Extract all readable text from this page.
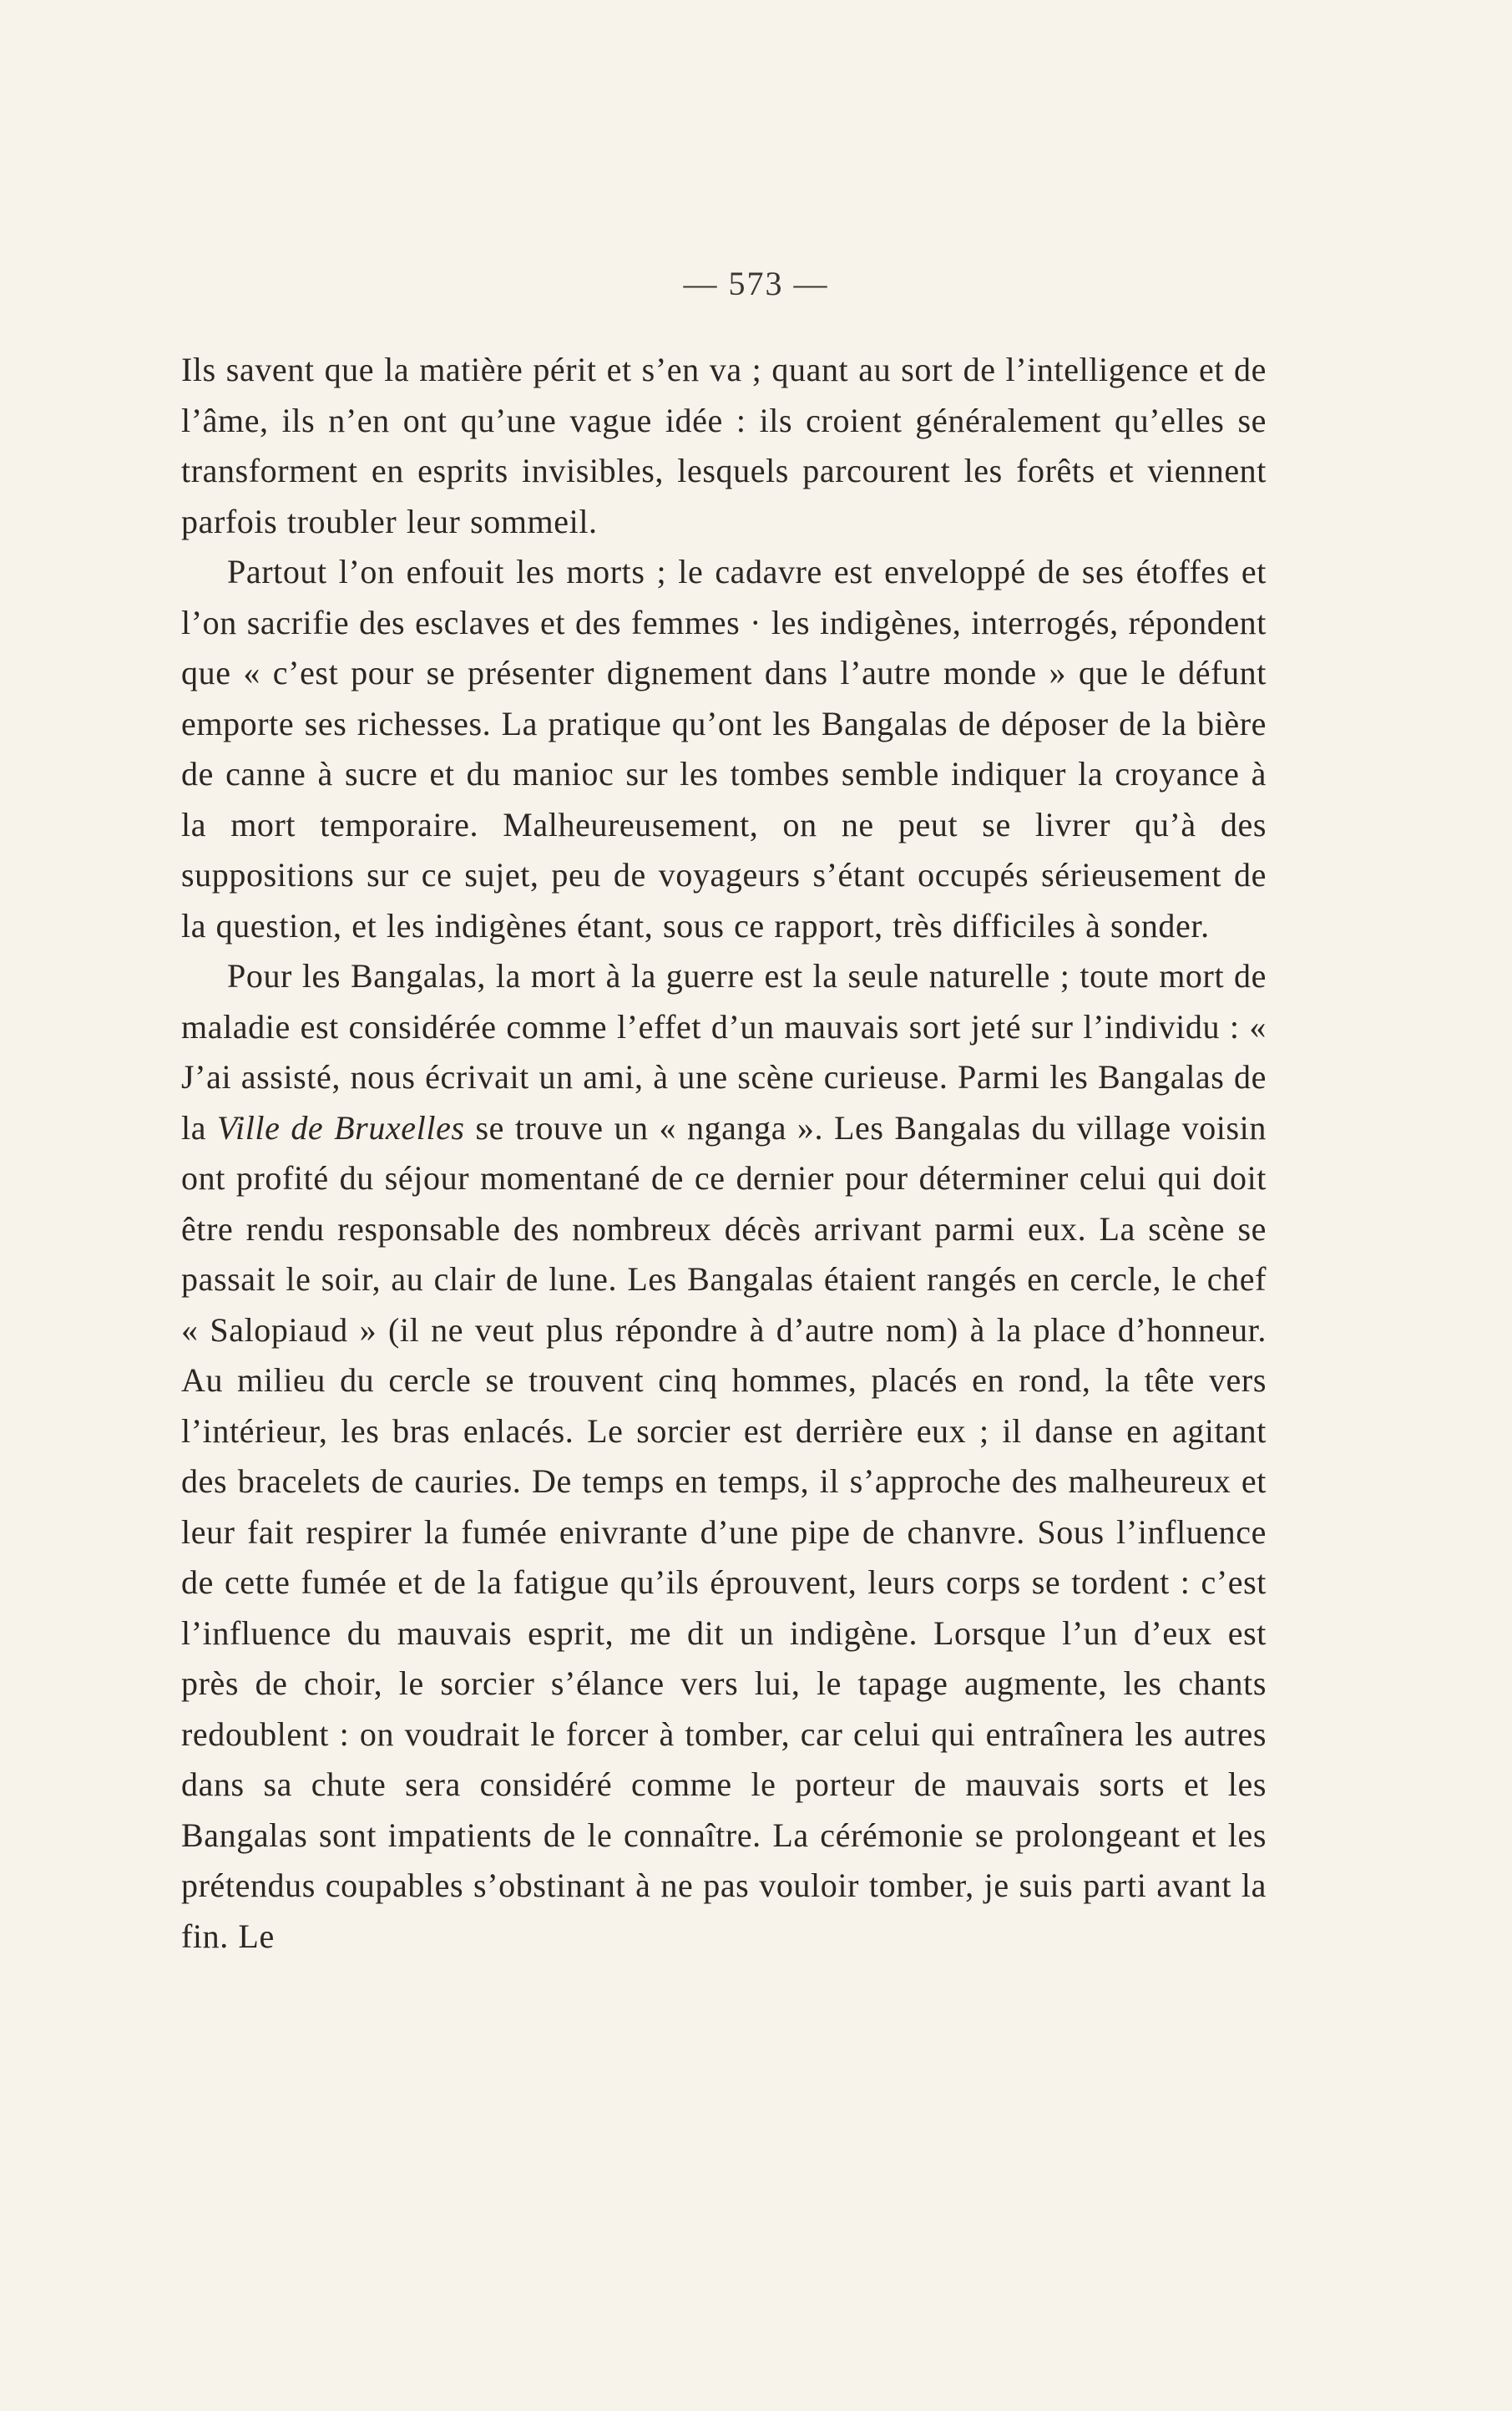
— 573 —

Ils savent que la matière périt et s’en va ; quant au sort de l’intelligence et de l’âme, ils n’en ont qu’une vague idée : ils croient généralement qu’elles se transforment en esprits invisibles, lesquels parcourent les forêts et viennent parfois troubler leur sommeil.

Partout l’on enfouit les morts ; le cadavre est enveloppé de ses étoffes et l’on sacrifie des esclaves et des femmes · les indigènes, interrogés, répondent que « c’est pour se présenter dignement dans l’autre monde » que le défunt emporte ses richesses. La pratique qu’ont les Bangalas de déposer de la bière de canne à sucre et du manioc sur les tombes semble indiquer la croyance à la mort temporaire. Malheureusement, on ne peut se livrer qu’à des suppositions sur ce sujet, peu de voyageurs s’étant occupés sérieusement de la question, et les indigènes étant, sous ce rapport, très difficiles à sonder.

Pour les Bangalas, la mort à la guerre est la seule naturelle ; toute mort de maladie est considérée comme l’effet d’un mauvais sort jeté sur l’individu : « J’ai assisté, nous écrivait un ami, à une scène curieuse. Parmi les Bangalas de la Ville de Bruxelles se trouve un « nganga ». Les Bangalas du village voisin ont profité du séjour momentané de ce dernier pour déterminer celui qui doit être rendu responsable des nombreux décès arrivant parmi eux. La scène se passait le soir, au clair de lune. Les Bangalas étaient rangés en cercle, le chef « Salopiaud » (il ne veut plus répondre à d’autre nom) à la place d’honneur. Au milieu du cercle se trouvent cinq hommes, placés en rond, la tête vers l’intérieur, les bras enlacés. Le sorcier est derrière eux ; il danse en agitant des bracelets de cauries. De temps en temps, il s’approche des malheureux et leur fait respirer la fumée enivrante d’une pipe de chanvre. Sous l’influence de cette fumée et de la fatigue qu’ils éprouvent, leurs corps se tordent : c’est l’influence du mauvais esprit, me dit un indigène. Lorsque l’un d’eux est près de choir, le sorcier s’élance vers lui, le tapage augmente, les chants redoublent : on voudrait le forcer à tomber, car celui qui entraînera les autres dans sa chute sera considéré comme le porteur de mauvais sorts et les Bangalas sont impatients de le connaître. La cérémonie se prolongeant et les prétendus coupables s’obstinant à ne pas vouloir tomber, je suis parti avant la fin. Le
